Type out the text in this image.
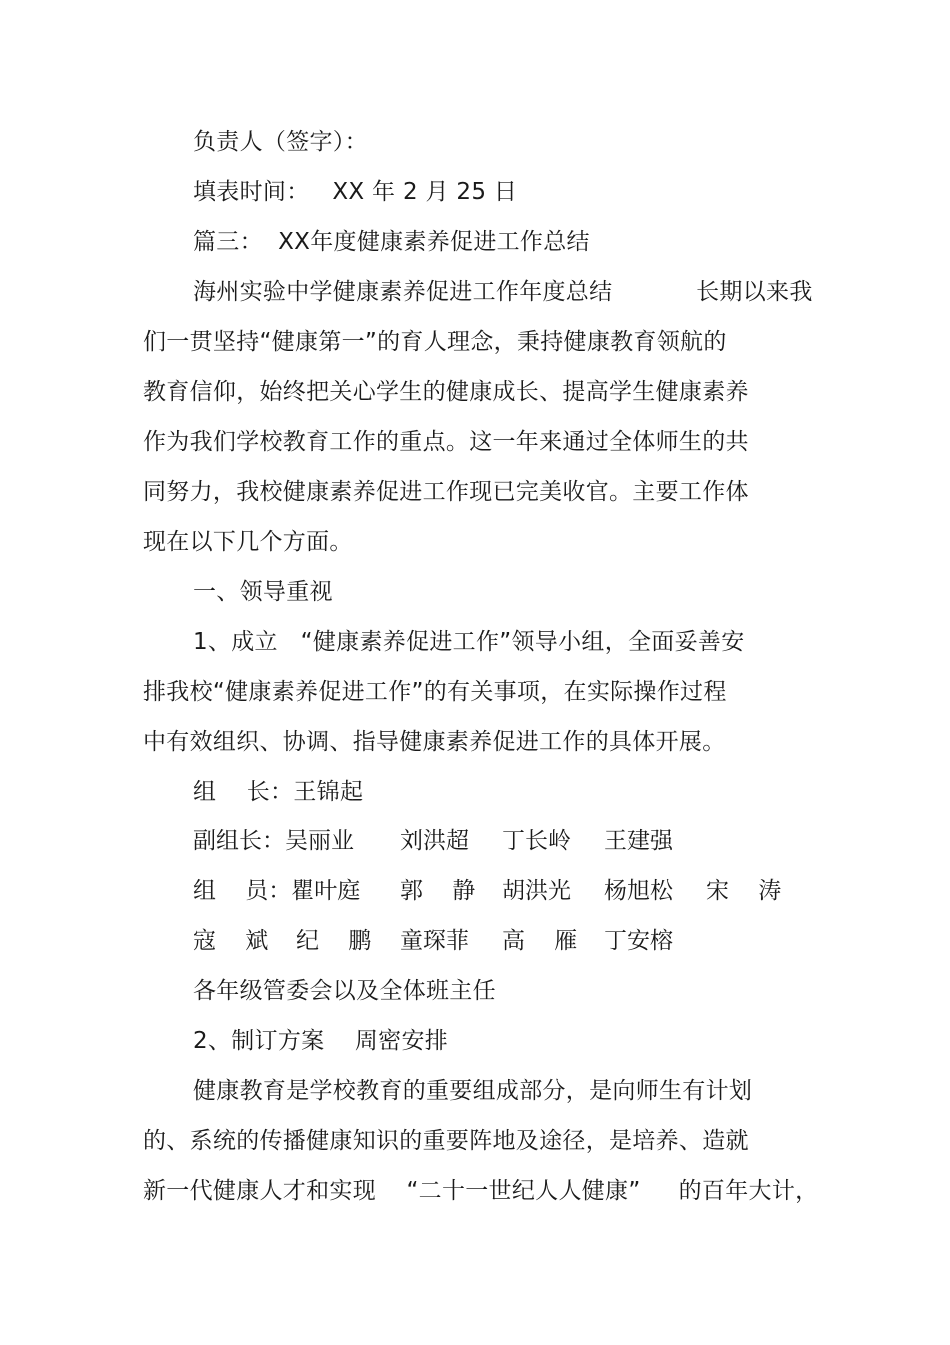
负责人（签字）：
填表时间：   XX 年 2 月 25 日
篇三：  XX年度健康素养促进工作总结
海州实验中学健康素养促进工作年度总结           长期以来我
们一贯坚持“健康第一”的育人理念，秉持健康教育领航的
教育信仰，始终把关心学生的健康成长、提高学生健康素养
作为我们学校教育工作的重点。这一年来通过全体师生的共
同努力，我校健康素养促进工作现已完美收官。主要工作体
现在以下几个方面。
一、领导重视
1、成立   “健康素养促进工作”领导小组，全面妥善安
排我校“健康素养促进工作”的有关事项，在实际操作过程
中有效组织、协调、指导健康素养促进工作的具体开展。
组    长：王锦起
副组长：吴丽业 刘洪超 丁长岭 王建强
组    员：瞿叶庭 郭    静 胡洪光 杨旭松 宋    涛
寇    斌 纪    鹏 童琛菲 高    雁 丁安榕
各年级管委会以及全体班主任
2、制订方案    周密安排
健康教育是学校教育的重要组成部分，是向师生有计划
的、系统的传播健康知识的重要阵地及途径，是培养、造就
新一代健康人才和实现    “二十一世纪人人健康”     的百年大计，
